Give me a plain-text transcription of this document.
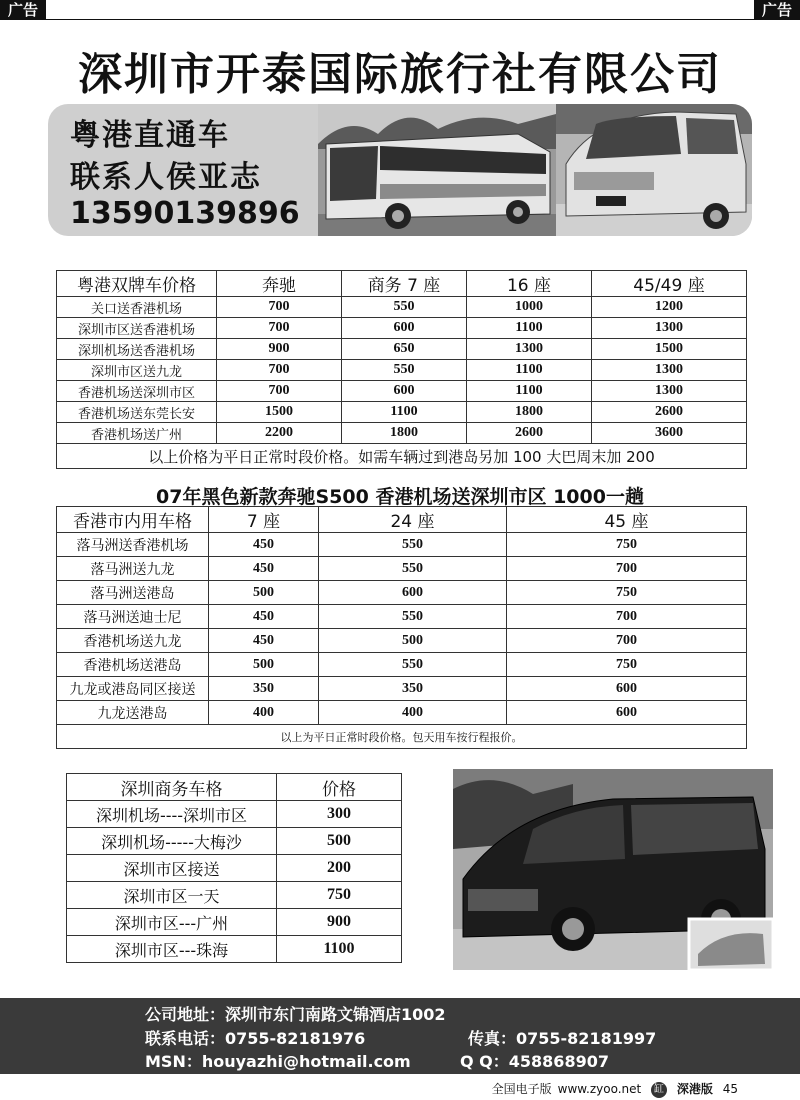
广告	广告
深圳市开泰国际旅行社有限公司
粤港直通车
联系人侯亚志
13590139896
粤港双牌车价格	奔驰	商务 7 座	16 座	45/49 座
关口送香港机场	700	550	1000	1200
深圳市区送香港机场	700	600	1100	1300
深圳机场送香港机场	900	650	1300	1500
深圳市区送九龙	700	550	1100	1300
香港机场送深圳市区	700	600	1100	1300
香港机场送东莞长安	1500	1100	1800	2600
香港机场送广州	2200	1800	2600	3600
以上价格为平日正常时段价格。如需车辆过到港岛另加 100 大巴周末加 200				
07年黑色新款奔驰S500 香港机场送深圳市区 1000一趟
香港市内用车格	7 座	24 座	45 座
落马洲送香港机场	450	550	750
落马洲送九龙	450	550	700
落马洲送港岛	500	600	750
落马洲送迪士尼	450	550	700
香港机场送九龙	450	500	700
香港机场送港岛	500	550	750
九龙或港岛同区接送	350	350	600
九龙送港岛	400	400	600
以上为平日正常时段价格。包天用车按行程报价。			
深圳商务车格	价格
深圳机场----深圳市区	300
深圳机场-----大梅沙	500
深圳市区接送	200
深圳市区一天	750
深圳市区---广州	900
深圳市区---珠海	1100
公司地址：深圳市东门南路文锦酒店1002
联系电话：0755-82181976	传真：0755-82181997
MSN：houyazhi@hotmail.com	Q Q：458868907
全国电子版 www.zyoo.net 缸 深港版 45
